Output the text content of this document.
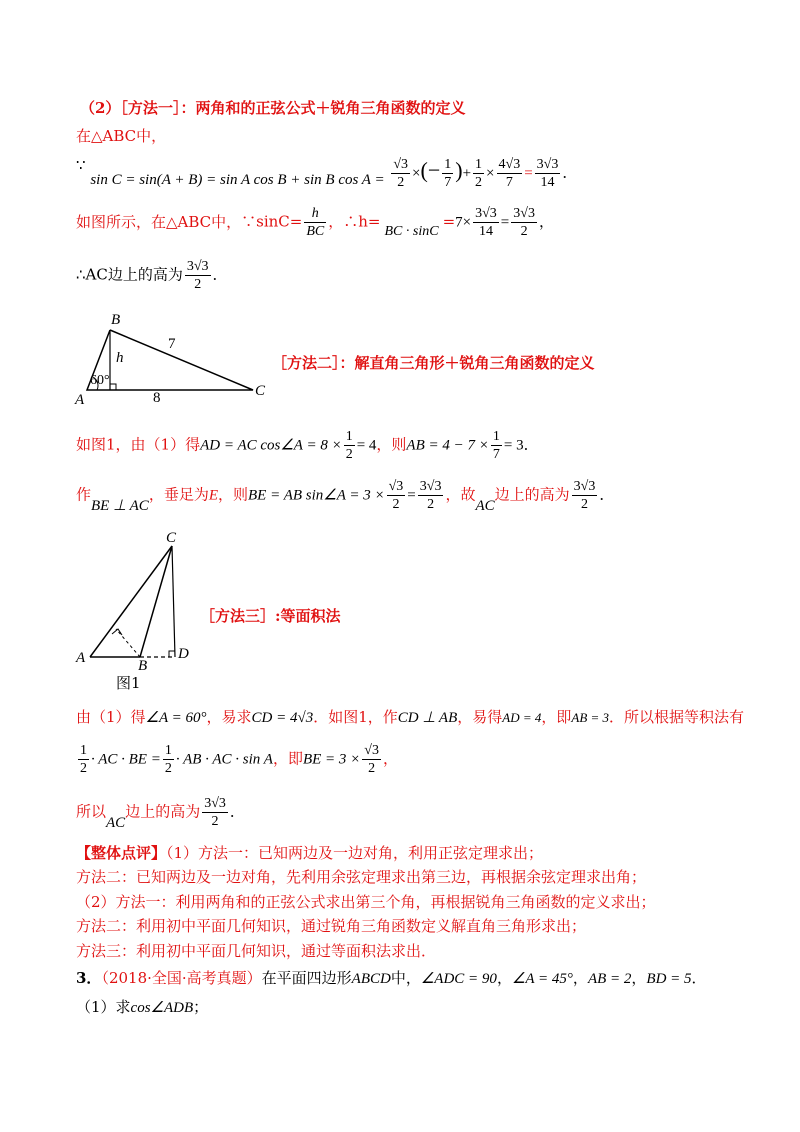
（2）［方法一］：两角和的正弦公式＋锐角三角函数的定义
在△ABC中，
∵ sin C = sin(A + B) = sin A cos B + sin B $\cos A = \frac{√3}{2}$ ×(− $\frac{1}{7}$ )+ $\frac{1}{2} \times \frac{4√3}{7} = \frac{3√3}{14}$ ．
如图所示，在△ABC中，∵sinC= $\frac{h}{BC}$ ，∴h=

BC · sinC
$=7\times \frac{3√3}{14} = \frac{3√3}{2}$ ，
∴AC边上的高为 $\frac{3√3}{2}$ ．
B
h
7
60°
A	8	C
［方法二］：解直角三角形＋锐角三角函数的定义
如图1，由（1）得AD = AC cos∠A = $8 \times \frac{1}{2} = 4$，则AB = $4 - 7 \times \frac{1}{7} = 3$．
作BE ⊥ AC，垂足为E，则BE = AB sin∠A = $3 \times \frac{√3}{2} = \frac{3√3}{2}$ ，故AC边上的高为 $\frac{3√3}{2}$ ．
C
A	B
D
图1
［方法三］:等面积法
由（1）得∠A = 60°，易求CD = 4√3．如图1，作CD ⊥ AB，易得AD = 4，即AB = 3．所以根据等积法有
$\frac{1}{2}$ · AC · BE = $\frac{1}{2}$ · AB · AC · sin A，即BE = $3 \times \frac{√3}{2}$ ，
所以AC边上的高为 $\frac{3√3}{2}$ ．
【整体点评】（1）方法一：已知两边及一边对角，利用正弦定理求出；
方法二：已知两边及一边对角，先利用余弦定理求出第三边，再根据余弦定理求出角；
（2）方法一：利用两角和的正弦公式求出第三个角，再根据锐角三角函数的定义求出；
方法二：利用初中平面几何知识，通过锐角三角函数定义解直角三角形求出；
方法三：利用初中平面几何知识，通过等面积法求出．
3．（2018·全国·高考真题）在平面四边形ABCD中，∠ADC = 90，∠A = 45°，AB = 2，BD = 5．
（1）求cos∠ADB；
